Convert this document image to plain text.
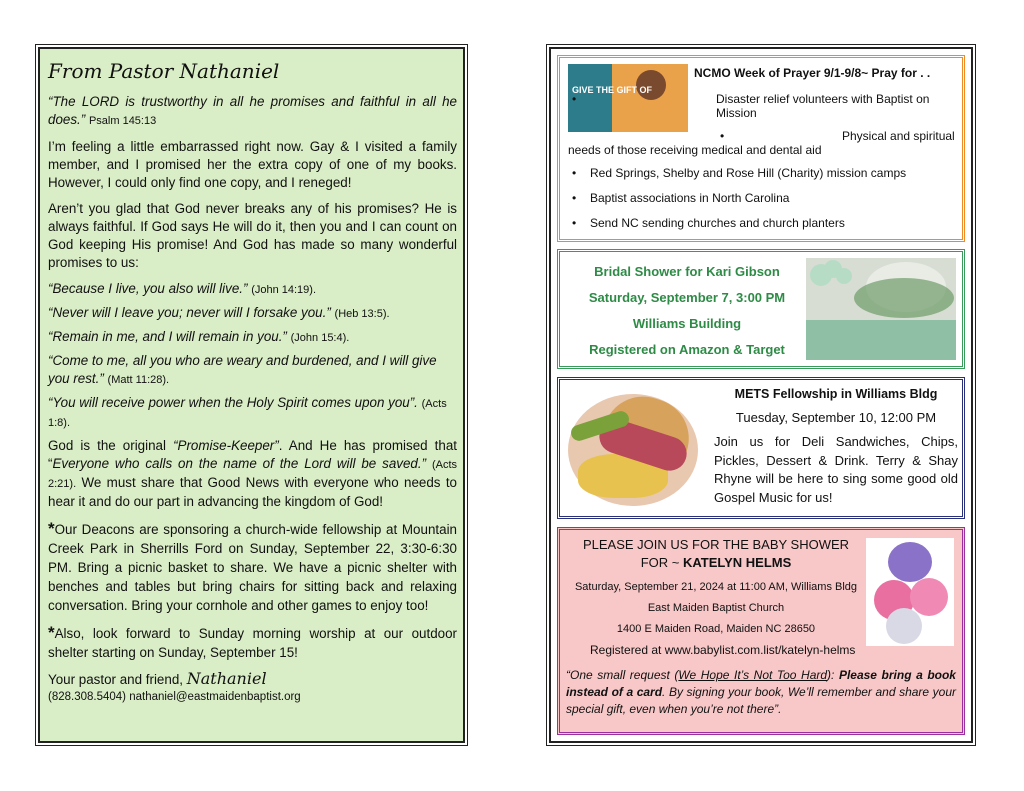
From Pastor Nathaniel

“The LORD is trustworthy in all he promises and faithful in all he does.” Psalm 145:13

I’m feeling a little embarrassed right now. Gay & I visited a family member, and I promised her the extra copy of one of my books. However, I could only find one copy, and I reneged!

Aren’t you glad that God never breaks any of his promises? He is always faithful. If God says He will do it, then you and I can count on God keeping His promise! And God has made so many wonderful promises to us:

“Because I live, you also will live.” (John 14:19).

“Never will I leave you; never will I forsake you.” (Heb 13:5).

“Remain in me, and I will remain in you.” (John 15:4).

“Come to me, all you who are weary and burdened, and I will give you rest.” (Matt 11:28).

“You will receive power when the Holy Spirit comes upon you”. (Acts 1:8).

God is the original “Promise-Keeper”. And He has promised that “Everyone who calls on the name of the Lord will be saved.” (Acts 2:21). We must share that Good News with everyone who needs to hear it and do our part in advancing the kingdom of God!

*Our Deacons are sponsoring a church-wide fellowship at Mountain Creek Park in Sherrills Ford on Sunday, September 22, 3:30-6:30 PM. Bring a picnic basket to share. We have a picnic shelter with benches and tables but bring chairs for sitting back and relaxing conversation. Bring your cornhole and other games to enjoy too!

*Also, look forward to Sunday morning worship at our outdoor shelter starting on Sunday, September 15!

Your pastor and friend, Nathaniel

(828.308.5404) nathaniel@eastmaidenbaptist.org

GIVE THE GIFT OF
NCMO Week of Prayer 9/1-9/8~ Pray for . .
• Disaster relief volunteers with Baptist on Mission
• Physical and spiritual needs of those receiving medical and dental aid
• Red Springs, Shelby and Rose Hill (Charity) mission camps
• Baptist associations in North Carolina
• Send NC sending churches and church planters
Bridal Shower for Kari Gibson
Saturday, September 7, 3:00 PM
Williams Building
Registered on Amazon & Target
METS Fellowship in Williams Bldg
Tuesday, September 10, 12:00 PM
Join us for Deli Sandwiches, Chips, Pickles, Dessert & Drink. Terry & Shay Rhyne will be here to sing some good old Gospel Music for us!
PLEASE JOIN US FOR THE BABY SHOWER
FOR ~ KATELYN HELMS
Saturday, September 21, 2024 at 11:00 AM, Williams Bldg
East Maiden Baptist Church
1400 E Maiden Road, Maiden NC 28650
Registered at www.babylist.com.list/katelyn-helms
“One small request (We Hope It’s Not Too Hard): Please bring a book instead of a card. By signing your book, We’ll remember and share your special gift, even when you’re not there”.
